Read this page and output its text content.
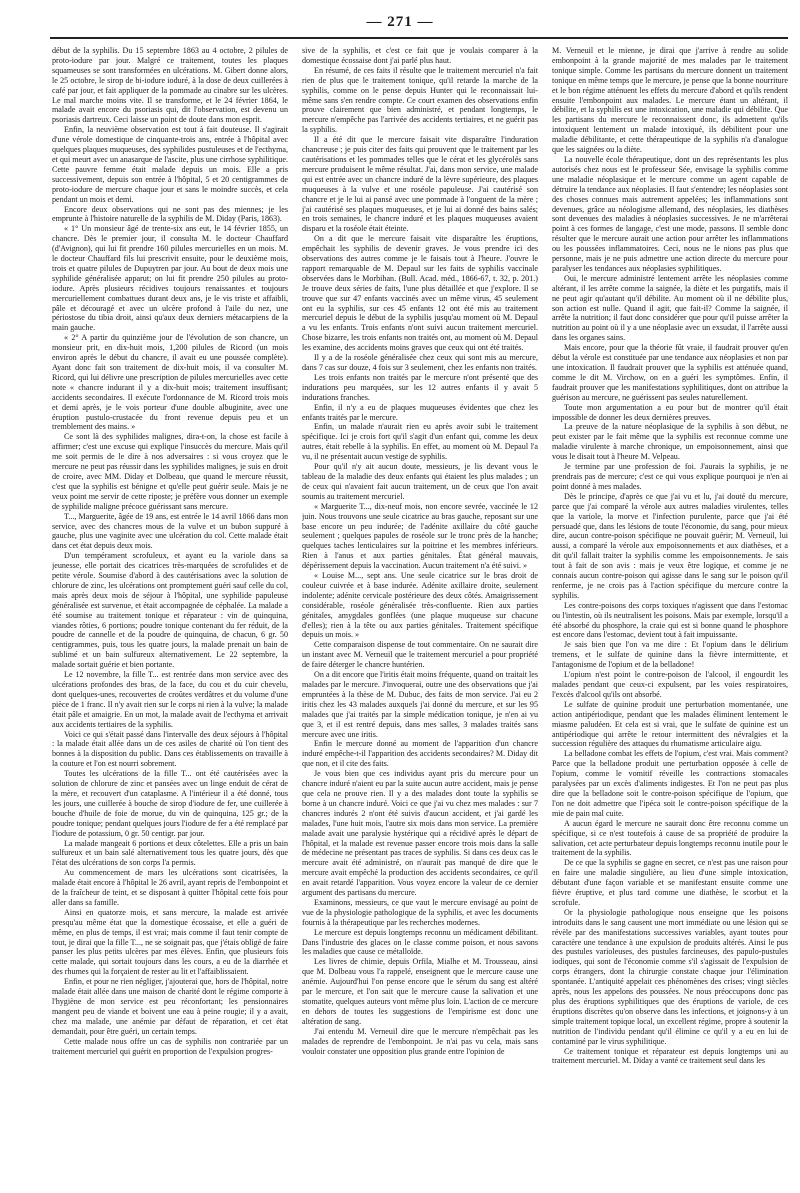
— 271 —

début de la syphilis. Du 15 septembre 1863 au 4 octobre, 2 pilules de proto-iodure par jour. Malgré ce traitement, toutes les plaques squameuses se sont transformées en ulcérations. M. Gibert donne alors, le 25 octobre, le sirop de bi-iodure ioduré, à la dose de deux cuillerées à café par jour, et fait appliquer de la pommade au cinabre sur les ulcères. Le mal marche moins vite. Il se transforme, et le 24 février 1864, le malade avait encore du psoriasis qui, dit l'observation, est devenu un psoriasis dartreux. Ceci laisse un point de doute dans mon esprit.

Enfin, la neuvième observation est tout à fait douteuse. Il s'agirait d'une vérole domestique de cinquante-trois ans, entrée à l'hôpital avec quelques plaques muqueuses, des syphilides pustuleuses et de l'ecthyma, et qui meurt avec un anasarque de l'ascite, plus une cirrhose syphilitique. Cette pauvre femme était malade depuis un mois. Elle a pris successivement, depuis son entrée à l'hôpital, 5 et 20 centigrammes de proto-iodure de mercure chaque jour et sans le moindre succès, et cela pendant un mois et demi.

Encore deux observations qui ne sont pas des miennes; je les emprunte à l'histoire naturelle de la syphilis de M. Diday (Paris, 1863).

« 1° Un monsieur âgé de trente-six ans eut, le 14 février 1855, un chancre. Dès le premier jour, il consulta M. le docteur Chauffard (d'Avignon), qui lui fit prendre 160 pilules mercurielles en un mois. M. le docteur Chauffard fils lui prescrivit ensuite, pour le deuxième mois, trois et quatre pilules de Dupuytren par jour. Au bout de deux mois une syphilide généralisée apparut; on lui fit prendre 250 pilules au proto-iodure. Après plusieurs récidives toujours renaissantes et toujours mercuriellement combattues durant deux ans, je le vis triste et affaibli, pâle et découragé et avec un ulcère profond à l'aile du nez, une périostose du tibia droit, ainsi qu'aux deux derniers métacarpiens de la main gauche.

« 2° A partir du quinzième jour de l'évolution de son chancre, un monsieur prit, en dix-huit mois, 1,200 pilules de Ricord (un mois environ après le début du chancre, il avait eu une poussée complète). Ayant donc fait son traitement de dix-huit mois, il va consulter M. Ricord, qui lui délivre une prescription de pilules mercurielles avec cette note « chancre indurant il y a dix-huit mois; traitement insuffisant; accidents secondaires. Il exécute l'ordonnance de M. Ricord trois mois et demi après, je le vois porteur d'une double albuginite, avec une éruption pustulo-crustacée du front revenue depuis peu et un tremblement des mains. »

Ce sont là des syphilides malignes, dira-t-on, la chose est facile à affirmer; c'est une excuse qui explique l'insuccès du mercure. Mais qu'il me soit permis de le dire à nos adversaires : si vous croyez que le mercure ne peut pas réussir dans les syphilides malignes, je suis en droit de croire, avec MM. Diday et Dolbeau, que quand le mercure réussit, c'est que la syphilis est bénigne et qu'elle peut guérir seule. Mais je ne veux point me servir de cette riposte; je préfère vous donner un exemple de syphilide maligne précoce guérissant sans mercure.

T..., Marguerite, âgée de 19 ans, est entrée le 14 avril 1866 dans mon service, avec des chancres mous de la vulve et un bubon suppuré à gauche, plus une vaginite avec une ulcération du col. Cette malade était dans cet état depuis deux mois.

D'un tempérament scrofuleux, et ayant eu la variole dans sa jeunesse, elle portait des cicatrices très-marquées de scrofulides et de petite vérole. Soumise d'abord à des cautérisations avec la solution de chlorure de zinc, les ulcérations ont promptement guéri sauf celle du col, mais après deux mois de séjour à l'hôpital, une syphilide papuleuse généralisée est survenue, et était accompagnée de céphalée. La malade a été soumise au traitement tonique et réparateur : vin de quinquina, viandes rôties, 6 portions; poudre tonique contenant du fer réduit, de la poudre de cannelle et de la poudre de quinquina, de chacun, 6 gr. 50 centigrammes, puis, tous les quatre jours, la malade prenait un bain de sublimé et un bain sulfureux alternativement. Le 22 septembre, la malade sortait guérie et bien portante.

Le 12 novembre, la fille T... est rentrée dans mon service avec des ulcérations profondes des bras, de la face, du cou et du cuir chevelu, dont quelques-unes, recouvertes de croûtes verdâtres et du volume d'une pièce de 1 franc. Il n'y avait rien sur le corps ni rien à la vulve; la malade était pâle et amaigrie. En un mot, la malade avait de l'ecthyma et arrivait aux accidents tertiaires de la syphilis.

Voici ce qui s'était passé dans l'intervalle des deux séjours à l'hôpital : la malade était allée dans un de ces asiles de charité où l'on tient des bonnes à la disposition du public. Dans ces établissements on travaille à la couture et l'on est nourri sobrement.

Toutes les ulcérations de la fille T... ont été cautérisées avec la solution de chlorure de zinc et pansées avec un linge enduit de cérat de la mère, et recouvert d'un cataplasme. A l'intérieur il a été donné, tous les jours, une cuillerée à bouche de sirop d'iodure de fer, une cuillerée à bouche d'huile de foie de morue, du vin de quinquina, 125 gr.; de la poudre tonique; pendant quelques jours l'iodure de fer a été remplacé par l'iodure de potassium, 0 gr. 50 centigr. par jour.

La malade mangeait 6 portions et deux côtelettes. Elle a pris un bain sulfureux et un bain salé alternativement tous les quatre jours, dès que l'état des ulcérations de son corps l'a permis.

Au commencement de mars les ulcérations sont cicatrisées, la malade était encore à l'hôpital le 26 avril, ayant repris de l'embonpoint et de la fraîcheur de teint, et se disposant à quitter l'hôpital cette fois pour aller dans sa famille.

Ainsi en quatorze mois, et sans mercure, la malade est arrivée presqu'au même état que la domestique écossaise, et elle a guéri de même, en plus de temps, il est vrai; mais comme il faut tenir compte de tout, je dirai que la fille T..., ne se soignait pas, que j'étais obligé de faire panser les plus petits ulcères par mes élèves. Enfin, que plusieurs fois cette malade, qui sortait toujours dans les cours, a eu de la diarrhée et des rhumes qui la forçaient de rester au lit et l'affaiblissaient.

Enfin, et pour ne rien négliger, j'ajouterai que, hors de l'hôpital, notre malade était allée dans une maison de charité dont le régime comporte à l'hygiène de mon service est peu réconfortant; les pensionnaires mangent peu de viande et boivent une eau à peine rougie; il y a avait, chez ma malade, une anémie par défaut de réparation, et cet état demandait, pour être guéri, un certain temps.

Cette malade nous offre un cas de syphilis non contrariée par un traitement mercuriel qui guérit en proportion de l'expulsion progres-

sive de la syphilis, et c'est ce fait que je voulais comparer à la domestique écossaise dont j'ai parlé plus haut.

En résumé, de ces faits il résulte que le traitement mercuriel n'a fait rien de plus que le traitement tonique, qu'il retarde la marche de la syphilis, comme on le pense depuis Hunter qui le reconnaissait lui-même sans s'en rendre compte. Ce court examen des observations enfin prouve clairement que bien administré, et pendant longtemps, le mercure n'empêche pas l'arrivée des accidents tertiaires, et ne guérit pas la syphilis.

Il a été dit que le mercure faisait vite disparaître l'induration chancreuse ; je puis citer des faits qui prouvent que le traitement par les cautérisations et les pommades telles que le cérat et les glycérolés sans mercure produisent le même résultat. J'ai, dans mon service, une malade qui est entrée avec un chancre induré de la lèvre supérieure, des plaques muqueuses à la vulve et une roséole papuleuse. J'ai cautérisé son chancre et je le lui ai pansé avec une pommade à l'onguent de la mère ; j'ai cautérisé ses plaques muqueuses, et je lui ai donné des bains salés; en trois semaines, le chancre induré et les plaques muqueuses avaient disparu et la roséole était éteinte.

On a dit que le mercure faisait vite disparaître les éruptions, empêchait les syphilis de devenir graves. Je vous prendre ici des observations des autres comme je le faisais tout à l'heure. J'ouvre le rapport remarquable de M. Depaul sur les faits de syphilis vaccinale observées dans le Morbihan. (Bull. Acad. méd., 1866-67, t. 32, p. 201.) Je trouve deux séries de faits, l'une plus détaillée et que j'explore. Il se trouve que sur 47 enfants vaccinés avec un même virus, 45 seulement ont eu la syphilis, sur ces 45 enfants 12 ont été mis au traitement mercuriel depuis le début de la syphilis jusqu'au moment où M. Depaul a vu les enfants. Trois enfants n'ont suivi aucun traitement mercuriel. Chose bizarre, les trois enfants non traités ont, au moment où M. Depaul les examine, des accidents moins graves que ceux qui ont été traités.

Il y a de la roséole généralisée chez ceux qui sont mis au mercure, dans 7 cas sur douze, 4 fois sur 3 seulement, chez les enfants non traités.

Les trois enfants non traités par le mercure n'ont présenté que des indurations peu marquées, sur les 12 autres enfants il y avait 5 indurations franches.

Enfin, il n'y a eu de plaques muqueuses évidentes que chez les enfants traités par le mercure.

Enfin, un malade n'aurait rien eu après avoir subi le traitement spécifique. Ici je crois fort qu'il s'agit d'un enfant qui, comme les deux autres, était rebelle à la syphilis. En effet, au moment où M. Depaul l'a vu, il ne présentait aucun vestige de syphilis.

Pour qu'il n'y ait aucun doute, messieurs, je lis devant vous le tableau de la maladie des deux enfants qui étaient les plus malades ; un de ceux qui n'avaient fait aucun traitement, un de ceux que l'on avait soumis au traitement mercuriel.

« Marguerite T..., dix-neuf mois, non encore sevrée, vaccinée le 12 juin. Nous trouvons une seule cicatrice au bras gauche, reposant sur une base encore un peu indurée; de l'adénite axillaire du côté gauche seulement ; quelques papules de roséole sur le tronc près de la hanche; quelques taches lenticulaires sur la poitrine et les membres inférieurs. Rien à l'anus et aux parties génitales. État général mauvais, dépérissement depuis la vaccination. Aucun traitement n'a été suivi. »

« Louise M..., sept ans. Une seule cicatrice sur le bras droit de couleur cuivrée et à base indurée. Adénite axillaire droite, seulement indolente; adénite cervicale postérieure des deux côtés. Amaigrissement considérable, roséole généralisée très-confluente. Rien aux parties génitales, amygdales gonflées (une plaque muqueuse sur chacune d'elles); rien à la tête ou aux parties génitales. Traitement spécifique depuis un mois. »

Cette comparaison dispense de tout commentaire. On ne saurait dire un instant avec M. Verneuil que le traitement mercuriel a pour propriété de faire déterger le chancre huntérien.

On a dit encore que l'iritis était moins fréquente, quand on traitait les malades par le mercure. J'invoquerai, outre une des observations que j'ai empruntées à la thèse de M. Dubuc, des faits de mon service. J'ai eu 2 iritis chez les 43 malades auxquels j'ai donné du mercure, et sur les 95 malades que j'ai traités par la simple médication tonique, je n'en ai vu que 3, et il est rentré depuis, dans mes salles, 3 malades traités sans mercure avec une iritis.

Enfin le mercure donné au moment de l'apparition d'un chancre induré empêche-t-il l'apparition des accidents secondaires? M. Diday dit que non, et il cite des faits.

Je vous bien que ces individus ayant pris du mercure pour un chancre induré n'aient eu par la suite aucun autre accident, mais je pense que cela ne prouve rien. Il y a des malades dont toute la syphilis se borne à un chancre induré. Voici ce que j'ai vu chez mes malades : sur 7 chancres indurés 2 n'ont été suivis d'aucun accident, et j'ai gardé les malades, l'une huit mois, l'autre six mois dans mon service. La première malade avait une paralysie hystérique qui a récidivé après le départ de l'hôpital, et la malade est revenue passer encore trois mois dans la salle de médecine ne présentant pas traces de syphilis. Si dans ces deux cas le mercure avait été administré, on n'aurait pas manqué de dire que le mercure avait empêché la production des accidents secondaires, ce qu'il en avait retardé l'apparition. Vous voyez encore la valeur de ce dernier argument des partisans du mercure.

Examinons, messieurs, ce que vaut le mercure envisagé au point de vue de la physiologie pathologique de la syphilis, et avec les documents fournis à la thérapeutique par les recherches modernes.

Le mercure est depuis longtemps reconnu un médicament débilitant. Dans l'industrie des glaces on le classe comme poison, et nous savons les maladies que cause ce métalloïde.

Les livres de chimie, depuis Orfila, Mialhe et M. Trousseau, ainsi que M. Dolbeau vous l'a rappelé, enseignent que le mercure cause une anémie. Aujourd'hui l'on pense encore que le sérum du sang est altéré par le mercure, et l'on sait que le mercure cause la salivation et une stomatite, quelques auteurs vont même plus loin. L'action de ce mercure en dehors de toutes les suggestions de l'empirisme est donc une altération de sang.

J'ai entendu M. Verneuil dire que le mercure n'empêchait pas les malades de reprendre de l'embonpoint. Je n'ai pas vu cela, mais sans vouloir constater une opposition plus grande entre l'opinion de

M. Verneuil et le mienne, je dirai que j'arrive à rendre au solide embonpoint à la grande majorité de mes malades par le traitement tonique simple. Comme les partisans du mercure donnent un traitement tonique en même temps que le mercure, je pense que la bonne nourriture et le bon régime atténuent les effets du mercure d'abord et qu'ils rendent ensuite l'embonpoint aux malades. Le mercure étant un altérant, il débilite, et la syphilis est une intoxication, une maladie qui débilite. Que les partisans du mercure le reconnaissent donc, ils admettent qu'ils intoxiquent lentement un malade intoxiqué, ils débilitent pour une maladie débilitante, et cette thérapeutique de la syphilis n'a d'analogue que les saignées ou la diète.

La nouvelle école thérapeutique, dont un des représentants les plus autorisés chez nous est le professeur Sée, envisage la syphilis comme une maladie néoplasique et le mercure comme un agent capable de détruire la tendance aux néoplasies. Il faut s'entendre; les néoplasies sont des choses connues mais autrement appelées; les inflammations sont devenues, grâce au néologisme allemand, des néoplasies, les diathèses sont devenues des maladies à néoplasies successives. Je ne m'arrêterai point à ces formes de langage, c'est une mode, passons. Il semble donc résulter que le mercure aurait une action pour arrêter les inflammations ou les poussées inflammatoires. Ceci, nous ne le nions pas plus que personne, mais je ne puis admettre une action directe du mercure pour paralyser les tendances aux néoplasies syphilitiques.

Oui, le mercure administré lentement arrête les néoplasies comme altérant, il les arrête comme la saignée, la diète et les purgatifs, mais il ne peut agir qu'autant qu'il débilite. Au moment où il ne débilite plus, son action est nulle. Quand il agit, que fait-il? Comme la saignée, il arrête la nutrition; il faut donc considérer que pour qu'il puisse arrêter la nutrition au point où il y a une néoplasie avec un exsudat, il l'arrête aussi dans les organes sains.

Mais encore, pour que la théorie fût vraie, il faudrait prouver qu'en début la vérole est constituée par une tendance aux néoplasies et non par une intoxication. Il faudrait prouver que la syphilis est atténuée quand, comme le dit M. Virchow, on en a guéri les symptômes. Enfin, il faudrait prouver que les manifestations syphilitiques, dont on attribue la guérison au mercure, ne guérissent pas seules naturellement.

Toute mon argumentation a eu pour but de montrer qu'il était impossible de donner les deux dernières preuves.

La preuve de la nature néoplasique de la syphilis à son début, ne peut exister par le fait même que la syphilis est reconnue comme une maladie virulente à marche chronique, un empoisonnement, ainsi que vous le disait tout à l'heure M. Velpeau.

Je termine par une profession de foi. J'aurais la syphilis, je ne prendrais pas de mercure; c'est ce qui vous explique pourquoi je n'en ai point donné à mes malades.

Dès le principe, d'après ce que j'ai vu et lu, j'ai douté du mercure, parce que j'ai comparé la vérole aux autres maladies virulentes, telles que la variole, la morve et l'infection purulente, parce que j'ai été persuadé que, dans les lésions de toute l'économie, du sang, pour mieux dire, aucun contre-poison spécifique ne pouvait guérir; M. Verneuil, lui aussi, a comparé la vérole aux empoisonnements et aux diathèses, et a dit qu'il fallait traiter la syphilis comme les empoisonnements. Je sais tout à fait de son avis : mais je veux être logique, et comme je ne connais aucun contre-poison qui agisse dans le sang sur le poison qu'il renferme, je ne crois pas à l'action spécifique du mercure contre la syphilis.

Les contre-poisons des corps toxiques n'agissent que dans l'estomac ou l'intestin, où ils neutralisent les poisons. Mais par exemple, lorsqu'il a été absorbé du phosphore, la craie qui est si bonne quand le phosphore est encore dans l'estomac, devient tout à fait impuissante.

Je sais bien que l'on va me dire : Et l'opium dans le délirium tremens, et le sulfate de quinine dans la fièvre intermittente, et l'antagonisme de l'opium et de la belladone!

L'opium n'est point le contre-poison de l'alcool, il engourdit les malades pendant que ceux-ci expulsent, par les voies respiratoires, l'excès d'alcool qu'ils ont absorbé.

Le sulfate de quinine produit une perturbation momentanée, une action antipériodique, pendant que les malades éliminent lentement le miasme paludéen. Et cela est si vrai, que le sulfate de quinine est un antipériodique qui arrête le retour intermittent des névralgies et la succession régulière des attaques du rhumatisme articulaire aigu.

La belladone combat les effets de l'opium, c'est vrai. Mais comment? Parce que la belladone produit une perturbation opposée à celle de l'opium, comme le vomitif réveille les contractions stomacales paralysées par un excès d'aliments indigestes. Et l'on ne peut pas plus dire que la belladone soit le contre-poison spécifique de l'opium, que l'on ne doit admettre que l'ipéca soit le contre-poison spécifique de la mie de pain mal cuite.

A aucun égard le mercure ne saurait donc être reconnu comme un spécifique, si ce n'est toutefois à cause de sa propriété de produire la salivation, cet acte perturbateur depuis longtemps reconnu inutile pour le traitement de la syphilis.

De ce que la syphilis se gagne en secret, ce n'est pas une raison pour en faire une maladie singulière, au lieu d'une simple intoxication, débutant d'une façon variable et se manifestant ensuite comme une fièvre éruptive, et plus tard comme une diathèse, le scorbut et la scrofule.

Or la physiologie pathologique nous enseigne que les poisons introduits dans le sang causent une mort immédiate ou une lésion qui se révèle par des manifestations successives variables, ayant toutes pour caractère une tendance à une expulsion de produits altérés. Ainsi le pus des pustules varioleuses, des pustules farcineuses, des papulo-pustules iodiques, qui sont de l'économie comme s'il s'agissait de l'expulsion de corps étrangers, dont la chirurgie constate chaque jour l'élimination spontanée. L'antiquité appelait ces phénomènes des crises; vingt siècles après, nous les appelons des poussées. Ne nous préoccupons donc pas plus des éruptions syphilitiques que des éruptions de variole, de ces éruptions discrètes qu'on observe dans les infections, et joignons-y à un simple traitement topique local, un excellent régime, propre à soutenir la nutrition de l'individu pendant qu'il élimine ce qu'il y a eu en lui de contaminé par le virus syphilitique.

Ce traitement tonique et réparateur est depuis longtemps uni au traitement mercuriel. M. Diday a vanté ce traitement seul dans les
